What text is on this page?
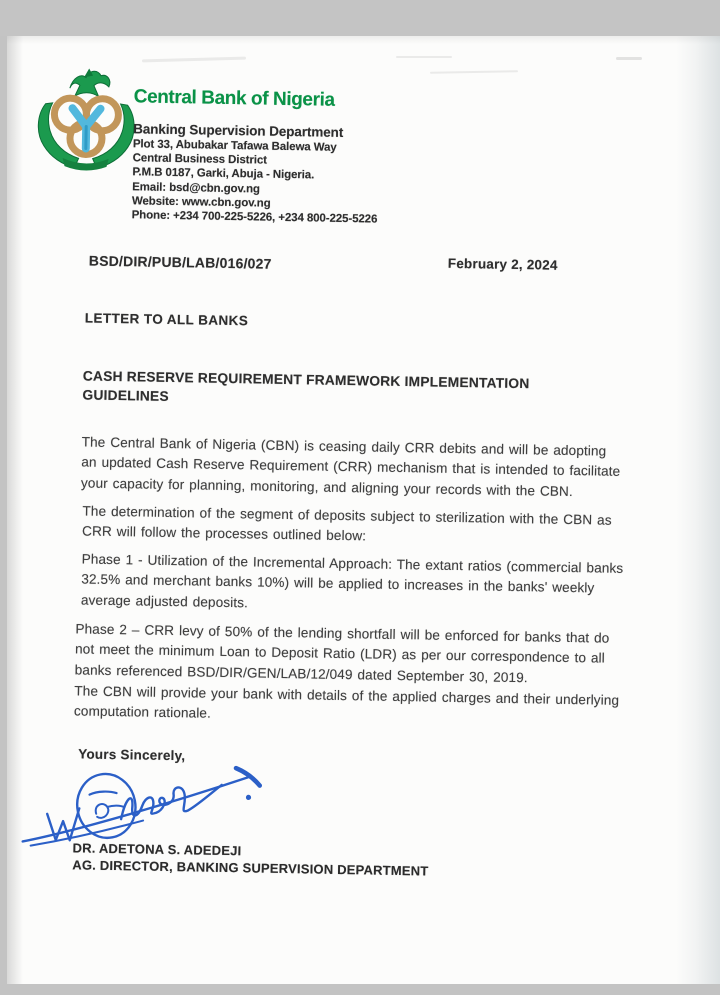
Central Bank of Nigeria
Banking Supervision Department
Plot 33, Abubakar Tafawa Balewa Way
Central Business District
P.M.B 0187, Garki, Abuja - Nigeria.
Email: bsd@cbn.gov.ng
Website: www.cbn.gov.ng
Phone: +234 700-225-5226, +234 800-225-5226
BSD/DIR/PUB/LAB/016/027	February 2, 2024
LETTER TO ALL BANKS
CASH RESERVE REQUIREMENT FRAMEWORK IMPLEMENTATION
GUIDELINES
The Central Bank of Nigeria (CBN) is ceasing daily CRR debits and will be adopting
an updated Cash Reserve Requirement (CRR) mechanism that is intended to facilitate
your capacity for planning, monitoring, and aligning your records with the CBN.
The determination of the segment of deposits subject to sterilization with the CBN as
CRR will follow the processes outlined below:
Phase 1 - Utilization of the Incremental Approach: The extant ratios (commercial banks
32.5% and merchant banks 10%) will be applied to increases in the banks' weekly
average adjusted deposits.
Phase 2 – CRR levy of 50% of the lending shortfall will be enforced for banks that do
not meet the minimum Loan to Deposit Ratio (LDR) as per our correspondence to all
banks referenced BSD/DIR/GEN/LAB/12/049 dated September 30, 2019.
The CBN will provide your bank with details of the applied charges and their underlying
computation rationale.
Yours Sincerely,
DR. ADETONA S. ADEDEJI
AG. DIRECTOR, BANKING SUPERVISION DEPARTMENT
